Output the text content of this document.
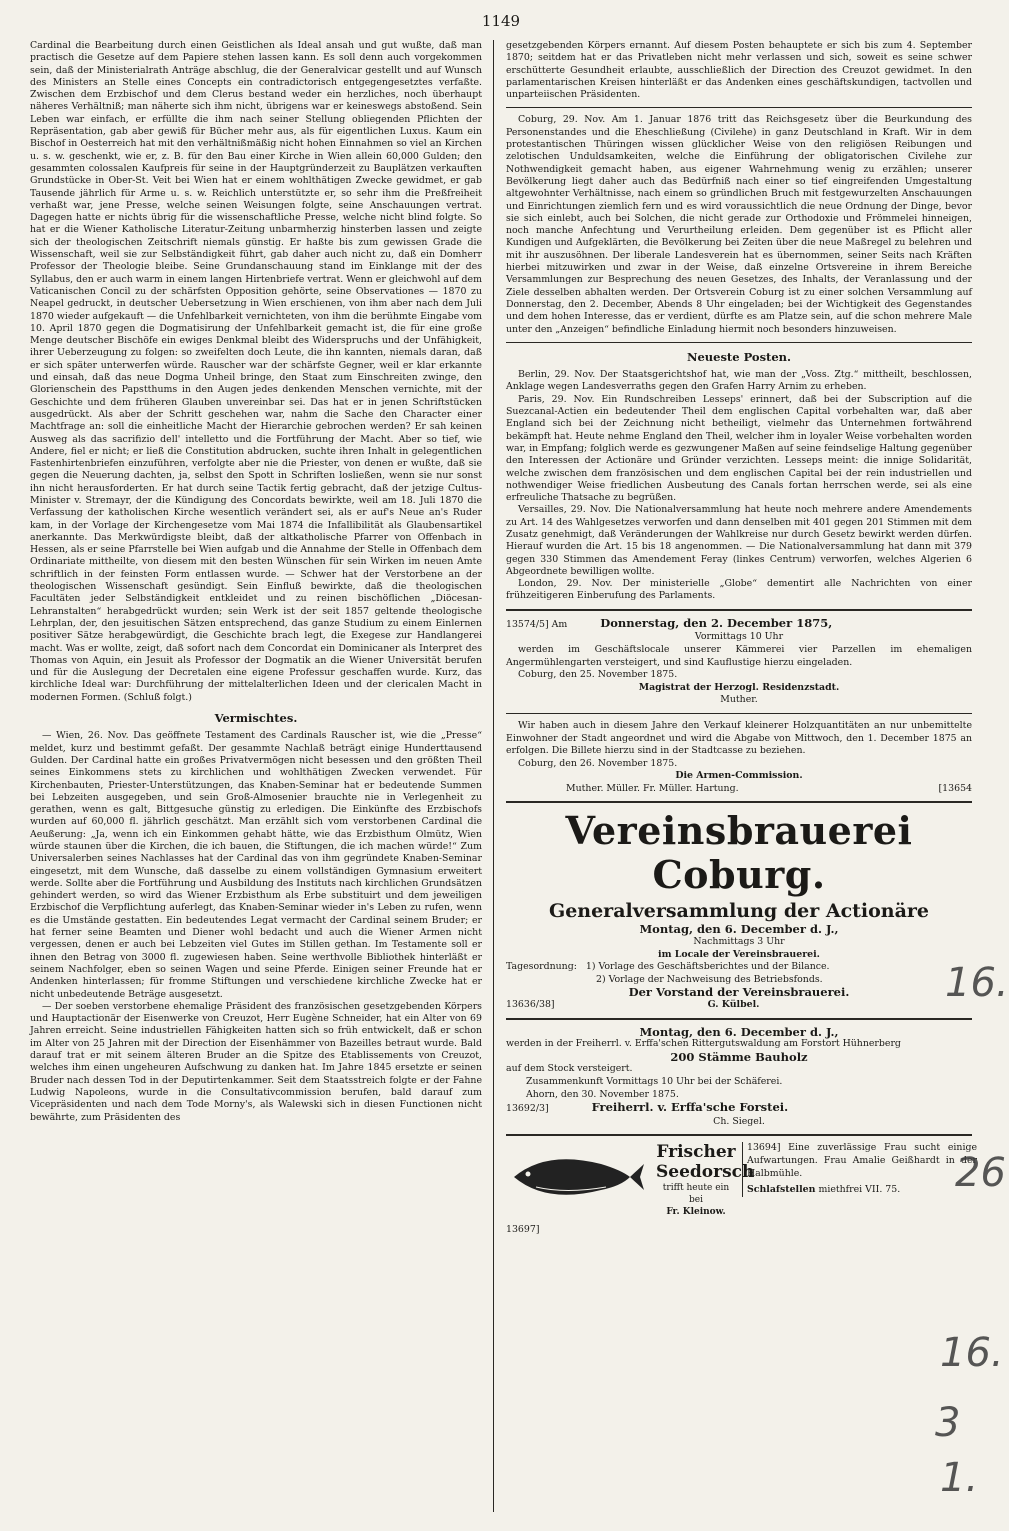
1149

Cardinal die Bearbeitung durch einen Geistlichen als Ideal ansah und gut wußte, daß man practisch die Gesetze auf dem Papiere stehen lassen kann. Es soll denn auch vorgekommen sein, daß der Ministerialrath Anträge abschlug, die der Generalvicar gestellt und auf Wunsch des Ministers an Stelle eines Concepts ein contradictorisch entgegengesetztes verfaßte. Zwischen dem Erzbischof und dem Clerus bestand weder ein herzliches, noch überhaupt näheres Verhältniß; man näherte sich ihm nicht, übrigens war er keineswegs abstoßend. Sein Leben war einfach, er erfüllte die ihm nach seiner Stellung obliegenden Pflichten der Repräsentation, gab aber gewiß für Bücher mehr aus, als für eigentlichen Luxus. Kaum ein Bischof in Oesterreich hat mit den verhältnißmäßig nicht hohen Einnahmen so viel an Kirchen u. s. w. geschenkt, wie er, z. B. für den Bau einer Kirche in Wien allein 60,000 Gulden; den gesammten colossalen Kaufpreis für seine in der Hauptgründerzeit zu Bauplätzen verkauften Grundstücke in Ober-St. Veit bei Wien hat er einem wohlthätigen Zwecke gewidmet, er gab Tausende jährlich für Arme u. s. w. Reichlich unterstützte er, so sehr ihm die Preßfreiheit verhaßt war, jene Presse, welche seinen Weisungen folgte, seine Anschauungen vertrat. Dagegen hatte er nichts übrig für die wissenschaftliche Presse, welche nicht blind folgte. So hat er die Wiener Katholische Literatur-Zeitung unbarmherzig hinsterben lassen und zeigte sich der theologischen Zeitschrift niemals günstig. Er haßte bis zum gewissen Grade die Wissenschaft, weil sie zur Selbständigkeit führt, gab daher auch nicht zu, daß ein Domherr Professor der Theologie bleibe. Seine Grundanschauung stand im Einklange mit der des Syllabus, den er auch warm in einem langen Hirtenbriefe vertrat. Wenn er gleichwohl auf dem Vaticanischen Concil zu der schärfsten Opposition gehörte, seine Observationes — 1870 zu Neapel gedruckt, in deutscher Uebersetzung in Wien erschienen, von ihm aber nach dem Juli 1870 wieder aufgekauft — die Unfehlbarkeit vernichteten, von ihm die berühmte Eingabe vom 10. April 1870 gegen die Dogmatisirung der Unfehlbarkeit gemacht ist, die für eine große Menge deutscher Bischöfe ein ewiges Denkmal bleibt des Widerspruchs und der Unfähigkeit, ihrer Ueberzeugung zu folgen: so zweifelten doch Leute, die ihn kannten, niemals daran, daß er sich später unterwerfen würde. Rauscher war der schärfste Gegner, weil er klar erkannte und einsah, daß das neue Dogma Unheil bringe, den Staat zum Einschreiten zwinge, den Glorienschein des Papstthums in den Augen jedes denkenden Menschen vernichte, mit der Geschichte und dem früheren Glauben unvereinbar sei. Das hat er in jenen Schriftstücken ausgedrückt. Als aber der Schritt geschehen war, nahm die Sache den Character einer Machtfrage an: soll die einheitliche Macht der Hierarchie gebrochen werden? Er sah keinen Ausweg als das sacrifizio dell' intelletto und die Fortführung der Macht. Aber so tief, wie Andere, fiel er nicht; er ließ die Constitution abdrucken, suchte ihren Inhalt in gelegentlichen Fastenhirtenbriefen einzuführen, verfolgte aber nie die Priester, von denen er wußte, daß sie gegen die Neuerung dachten, ja, selbst den Spott in Schriften losließen, wenn sie nur sonst ihn nicht herausforderten. Er hat durch seine Tactik fertig gebracht, daß der jetzige Cultus-Minister v. Stremayr, der die Kündigung des Concordats bewirkte, weil am 18. Juli 1870 die Verfassung der katholischen Kirche wesentlich verändert sei, als er auf's Neue an's Ruder kam, in der Vorlage der Kirchengesetze vom Mai 1874 die Infallibilität als Glaubensartikel anerkannte. Das Merkwürdigste bleibt, daß der altkatholische Pfarrer von Offenbach in Hessen, als er seine Pfarrstelle bei Wien aufgab und die Annahme der Stelle in Offenbach dem Ordinariate mittheilte, von diesem mit den besten Wünschen für sein Wirken im neuen Amte schriftlich in der feinsten Form entlassen wurde. — Schwer hat der Verstorbene an der theologischen Wissenschaft gesündigt. Sein Einfluß bewirkte, daß die theologischen Facultäten jeder Selbständigkeit entkleidet und zu reinen bischöflichen „Diöcesan-Lehranstalten“ herabgedrückt wurden; sein Werk ist der seit 1857 geltende theologische Lehrplan, der, den jesuitischen Sätzen entsprechend, das ganze Studium zu einem Einlernen positiver Sätze herabgewürdigt, die Geschichte brach legt, die Exegese zur Handlangerei macht. Was er wollte, zeigt, daß sofort nach dem Concordat ein Dominicaner als Interpret des Thomas von Aquin, ein Jesuit als Professor der Dogmatik an die Wiener Universität berufen und für die Auslegung der Decretalen eine eigene Professur geschaffen wurde. Kurz, das kirchliche Ideal war: Durchführung der mittelalterlichen Ideen und der clericalen Macht in modernen Formen. (Schluß folgt.)

Vermischtes.

— Wien, 26. Nov. Das geöffnete Testament des Cardinals Rauscher ist, wie die „Presse“ meldet, kurz und bestimmt gefaßt. Der gesammte Nachlaß beträgt einige Hunderttausend Gulden. Der Cardinal hatte ein großes Privatvermögen nicht besessen und den größten Theil seines Einkommens stets zu kirchlichen und wohlthätigen Zwecken verwendet. Für Kirchenbauten, Priester-Unterstützungen, das Knaben-Seminar hat er bedeutende Summen bei Lebzeiten ausgegeben, und sein Groß-Almosenier brauchte nie in Verlegenheit zu gerathen, wenn es galt, Bittgesuche günstig zu erledigen. Die Einkünfte des Erzbischofs wurden auf 60,000 fl. jährlich geschätzt. Man erzählt sich vom verstorbenen Cardinal die Aeußerung: „Ja, wenn ich ein Einkommen gehabt hätte, wie das Erzbisthum Olmütz, Wien würde staunen über die Kirchen, die ich bauen, die Stiftungen, die ich machen würde!“ Zum Universalerben seines Nachlasses hat der Cardinal das von ihm gegründete Knaben-Seminar eingesetzt, mit dem Wunsche, daß dasselbe zu einem vollständigen Gymnasium erweitert werde. Sollte aber die Fortführung und Ausbildung des Instituts nach kirchlichen Grundsätzen gehindert werden, so wird das Wiener Erzbisthum als Erbe substituirt und dem jeweiligen Erzbischof die Verpflichtung auferlegt, das Knaben-Seminar wieder in's Leben zu rufen, wenn es die Umstände gestatten. Ein bedeutendes Legat vermacht der Cardinal seinem Bruder; er hat ferner seine Beamten und Diener wohl bedacht und auch die Wiener Armen nicht vergessen, denen er auch bei Lebzeiten viel Gutes im Stillen gethan. Im Testamente soll er ihnen den Betrag von 3000 fl. zugewiesen haben. Seine werthvolle Bibliothek hinterläßt er seinem Nachfolger, eben so seinen Wagen und seine Pferde. Einigen seiner Freunde hat er Andenken hinterlassen; für fromme Stiftungen und verschiedene kirchliche Zwecke hat er nicht unbedeutende Beträge ausgesetzt.

— Der soeben verstorbene ehemalige Präsident des französischen gesetzgebenden Körpers und Hauptactionär der Eisenwerke von Creuzot, Herr Eugène Schneider, hat ein Alter von 69 Jahren erreicht. Seine industriellen Fähigkeiten hatten sich so früh entwickelt, daß er schon im Alter von 25 Jahren mit der Direction der Eisenhämmer von Bazeilles betraut wurde. Bald darauf trat er mit seinem älteren Bruder an die Spitze des Etablissements von Creuzot, welches ihm einen ungeheuren Aufschwung zu danken hat. Im Jahre 1845 ersetzte er seinen Bruder nach dessen Tod in der Deputirtenkammer. Seit dem Staatsstreich folgte er der Fahne Ludwig Napoleons, wurde in die Consultativcommission berufen, bald darauf zum Vicepräsidenten und nach dem Tode Morny's, als Walewski sich in diesen Functionen nicht bewährte, zum Präsidenten des

gesetzgebenden Körpers ernannt. Auf diesem Posten behauptete er sich bis zum 4. September 1870; seitdem hat er das Privatleben nicht mehr verlassen und sich, soweit es seine schwer erschütterte Gesundheit erlaubte, ausschließlich der Direction des Creuzot gewidmet. In den parlamentarischen Kreisen hinterläßt er das Andenken eines geschäftskundigen, tactvollen und unparteiischen Präsidenten.

Coburg, 29. Nov. Am 1. Januar 1876 tritt das Reichsgesetz über die Beurkundung des Personenstandes und die Eheschließung (Civilehe) in ganz Deutschland in Kraft. Wir in dem protestantischen Thüringen wissen glücklicher Weise von den religiösen Reibungen und zelotischen Unduldsamkeiten, welche die Einführung der obligatorischen Civilehe zur Nothwendigkeit gemacht haben, aus eigener Wahrnehmung wenig zu erzählen; unserer Bevölkerung liegt daher auch das Bedürfniß nach einer so tief eingreifenden Umgestaltung altgewohnter Verhältnisse, nach einem so gründlichen Bruch mit festgewurzelten Anschauungen und Einrichtungen ziemlich fern und es wird voraussichtlich die neue Ordnung der Dinge, bevor sie sich einlebt, auch bei Solchen, die nicht gerade zur Orthodoxie und Frömmelei hinneigen, noch manche Anfechtung und Verurtheilung erleiden. Dem gegenüber ist es Pflicht aller Kundigen und Aufgeklärten, die Bevölkerung bei Zeiten über die neue Maßregel zu belehren und mit ihr auszusöhnen. Der liberale Landesverein hat es übernommen, seiner Seits nach Kräften hierbei mitzuwirken und zwar in der Weise, daß einzelne Ortsvereine in ihrem Bereiche Versammlungen zur Besprechung des neuen Gesetzes, des Inhalts, der Veranlassung und der Ziele desselben abhalten werden. Der Ortsverein Coburg ist zu einer solchen Versammlung auf Donnerstag, den 2. December, Abends 8 Uhr eingeladen; bei der Wichtigkeit des Gegenstandes und dem hohen Interesse, das er verdient, dürfte es am Platze sein, auf die schon mehrere Male unter den „Anzeigen“ befindliche Einladung hiermit noch besonders hinzuweisen.

Neueste Posten.

Berlin, 29. Nov. Der Staatsgerichtshof hat, wie man der „Voss. Ztg.“ mittheilt, beschlossen, Anklage wegen Landesverraths gegen den Grafen Harry Arnim zu erheben.

Paris, 29. Nov. Ein Rundschreiben Lesseps' erinnert, daß bei der Subscription auf die Suezcanal-Actien ein bedeutender Theil dem englischen Capital vorbehalten war, daß aber England sich bei der Zeichnung nicht betheiligt, vielmehr das Unternehmen fortwährend bekämpft hat. Heute nehme England den Theil, welcher ihm in loyaler Weise vorbehalten worden war, in Empfang; folglich werde es gezwungener Maßen auf seine feindselige Haltung gegenüber den Interessen der Actionäre und Gründer verzichten. Lesseps meint: die innige Solidarität, welche zwischen dem französischen und dem englischen Capital bei der rein industriellen und nothwendiger Weise friedlichen Ausbeutung des Canals fortan herrschen werde, sei als eine erfreuliche Thatsache zu begrüßen.

Versailles, 29. Nov. Die Nationalversammlung hat heute noch mehrere andere Amendements zu Art. 14 des Wahlgesetzes verworfen und dann denselben mit 401 gegen 201 Stimmen mit dem Zusatz genehmigt, daß Veränderungen der Wahlkreise nur durch Gesetz bewirkt werden dürfen. Hierauf wurden die Art. 15 bis 18 angenommen. — Die Nationalversammlung hat dann mit 379 gegen 330 Stimmen das Amendement Feray (linkes Centrum) verworfen, welches Algerien 6 Abgeordnete bewilligen wollte.

London, 29. Nov. Der ministerielle „Globe“ dementirt alle Nachrichten von einer frühzeitigeren Einberufung des Parlaments.

13574/5] Am	Donnerstag, den 2. December 1875,
Vormittags 10 Uhr

werden im Geschäftslocale unserer Kämmerei vier Parzellen im ehemaligen Angermühlengarten versteigert, und sind Kauflustige hierzu eingeladen.

Coburg, den 25. November 1875.

Magistrat der Herzogl. Residenzstadt.
Muther.

Wir haben auch in diesem Jahre den Verkauf kleinerer Holzquantitäten an nur unbemittelte Einwohner der Stadt angeordnet und wird die Abgabe von Mittwoch, den 1. December 1875 an erfolgen. Die Billete hierzu sind in der Stadtcasse zu beziehen.

Coburg, den 26. November 1875.

Die Armen-Commission.
Muther. Müller. Fr. Müller. Hartung.	[13654
Vereinsbrauerei Coburg.
Generalversammlung der Actionäre
Montag, den 6. December d. J.,
Nachmittags 3 Uhr
im Locale der Vereinsbrauerei.
Tagesordnung: 1) Vorlage des Geschäftsberichtes und der Bilance.
2) Vorlage der Nachweisung des Betriebsfonds.
Der Vorstand der Vereinsbrauerei.
13636/38]	G. Külbel.
Montag, den 6. December d. J.,

werden in der Freiherrl. v. Erffa'schen Rittergutswaldung am Forstort Hühnerberg

200 Stämme Bauholz
auf dem Stock versteigert.
Zusammenkunft Vormittags 10 Uhr bei der Schäferei.
Ahorn, den 30. November 1875.
13692/3]	Freiherrl. v. Erffa'sche Forstei.
Ch. Siegel.
Frischer
Seedorsch
trifft heute ein bei
Fr. Kleinow.
13694] Eine zuverlässige Frau sucht einige Aufwartungen. Frau Amalie Geißhardt in der Halbmühle.
Schlafstellen miethfrei VII. 75.
13697]
16.
26
16.
3
1.
